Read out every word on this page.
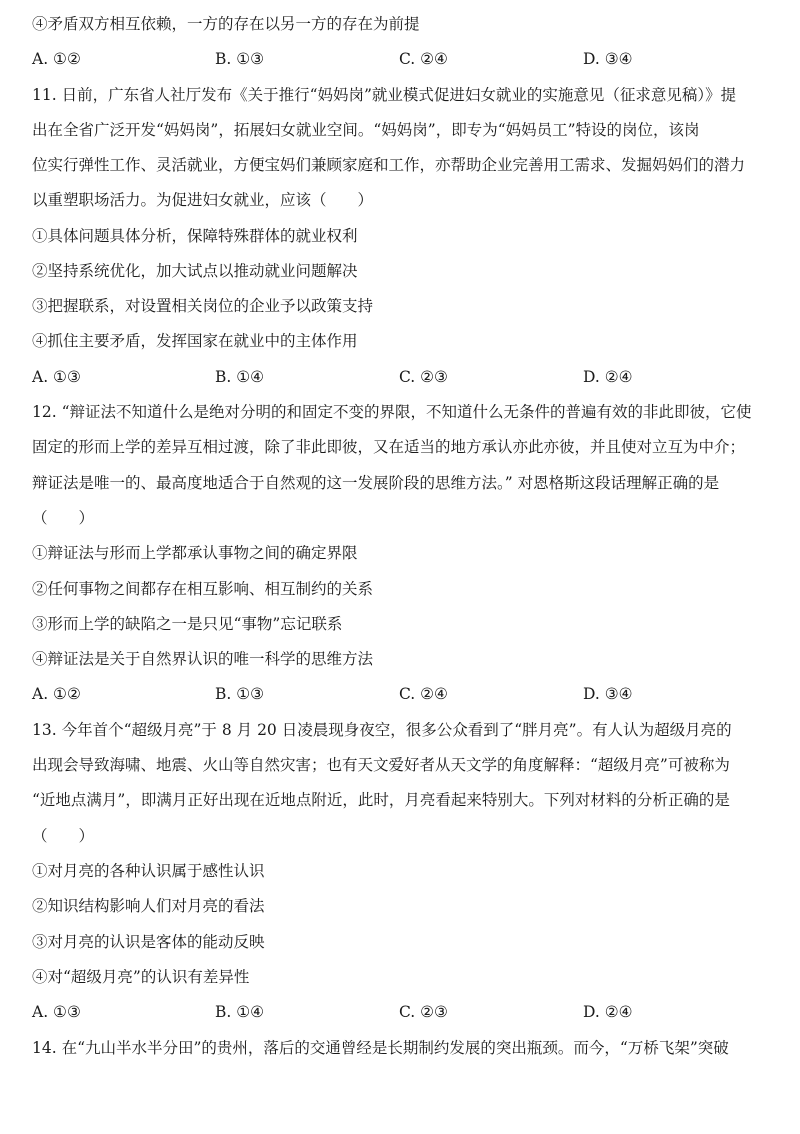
④矛盾双方相互依赖，一方的存在以另一方的存在为前提
A. ①②	B. ①③	C. ②④	D. ③④
11. 日前，广东省人社厅发布《关于推行“妈妈岗”就业模式促进妇女就业的实施意见（征求意见稿）》提
出在全省广泛开发“妈妈岗”，拓展妇女就业空间。“妈妈岗”，即专为“妈妈员工”特设的岗位，该岗
位实行弹性工作、灵活就业，方便宝妈们兼顾家庭和工作，亦帮助企业完善用工需求、发掘妈妈们的潜力
以重塑职场活力。为促进妇女就业，应该（　　）
①具体问题具体分析，保障特殊群体的就业权利
②坚持系统优化，加大试点以推动就业问题解决
③把握联系，对设置相关岗位的企业予以政策支持
④抓住主要矛盾，发挥国家在就业中的主体作用
A. ①③	B. ①④	C. ②③	D. ②④
12. “辩证法不知道什么是绝对分明的和固定不变的界限，不知道什么无条件的普遍有效的非此即彼，它使
固定的形而上学的差异互相过渡，除了非此即彼，又在适当的地方承认亦此亦彼，并且使对立互为中介；
辩证法是唯一的、最高度地适合于自然观的这一发展阶段的思维方法。” 对恩格斯这段话理解正确的是
（　　）
①辩证法与形而上学都承认事物之间的确定界限
②任何事物之间都存在相互影响、相互制约的关系
③形而上学的缺陷之一是只见“事物”忘记联系
④辩证法是关于自然界认识的唯一科学的思维方法
A. ①②	B. ①③	C. ②④	D. ③④
13. 今年首个“超级月亮”于 8 月 20 日凌晨现身夜空，很多公众看到了“胖月亮”。有人认为超级月亮的
出现会导致海啸、地震、火山等自然灾害；也有天文爱好者从天文学的角度解释：“超级月亮”可被称为
“近地点满月”，即满月正好出现在近地点附近，此时，月亮看起来特别大。下列对材料的分析正确的是
（　　）
①对月亮的各种认识属于感性认识
②知识结构影响人们对月亮的看法
③对月亮的认识是客体的能动反映
④对“超级月亮”的认识有差异性
A. ①③	B. ①④	C. ②③	D. ②④
14. 在“九山半水半分田”的贵州，落后的交通曾经是长期制约发展的突出瓶颈。而今，“万桥飞架”突破
